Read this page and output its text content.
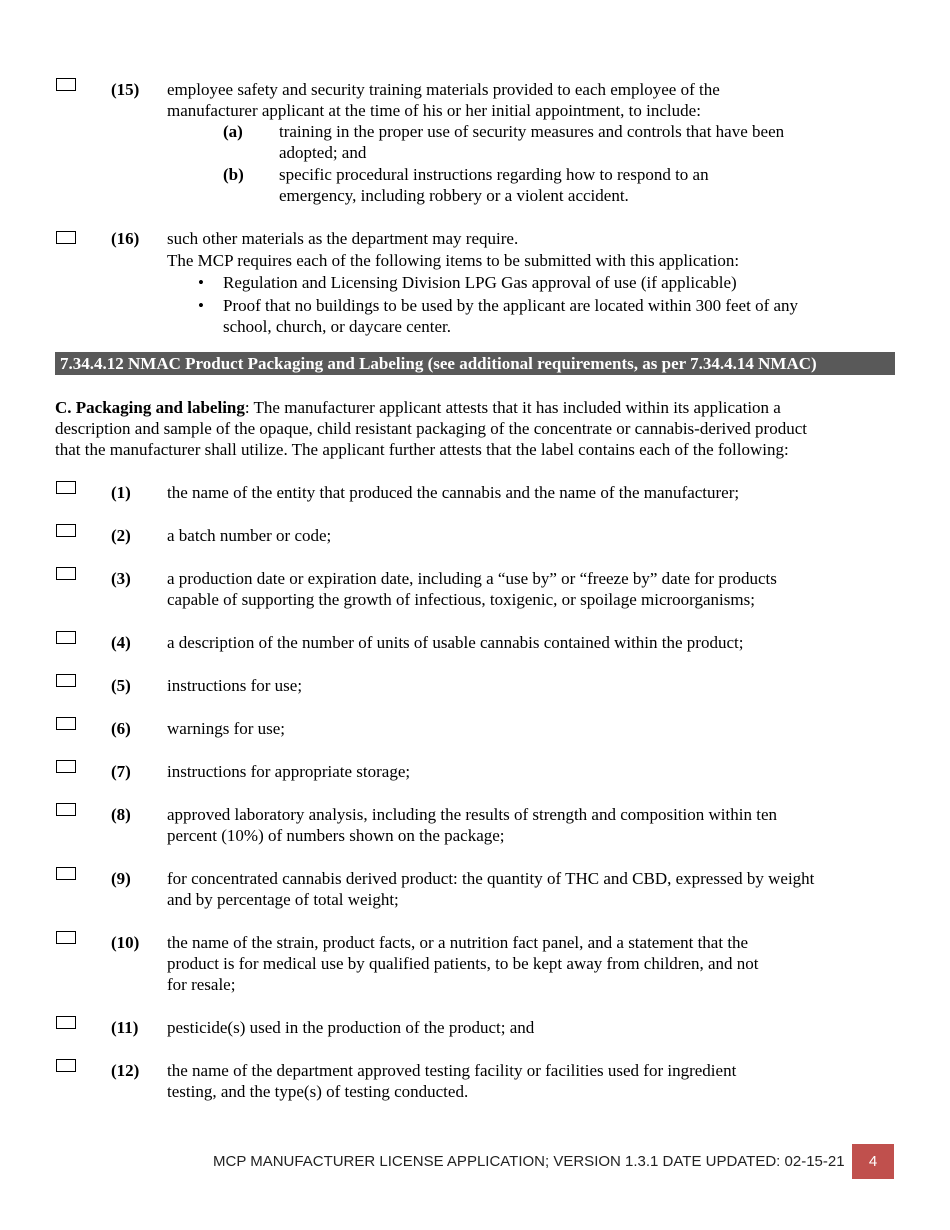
(15) employee safety and security training materials provided to each employee of the
manufacturer applicant at the time of his or her initial appointment, to include:
(a) training in the proper use of security measures and controls that have been
adopted; and
(b) specific procedural instructions regarding how to respond to an
emergency, including robbery or a violent accident.
(16) such other materials as the department may require.
The MCP requires each of the following items to be submitted with this application:
• Regulation and Licensing Division LPG Gas approval of use (if applicable)
• Proof that no buildings to be used by the applicant are located within 300 feet of any
school, church, or daycare center.
7.34.4.12 NMAC Product Packaging and Labeling (see additional requirements, as per 7.34.4.14 NMAC)
C. Packaging and labeling: The manufacturer applicant attests that it has included within its application a
description and sample of the opaque, child resistant packaging of the concentrate or cannabis-derived product
that the manufacturer shall utilize. The applicant further attests that the label contains each of the following:
(1) the name of the entity that produced the cannabis and the name of the manufacturer;
(2) a batch number or code;
(3) a production date or expiration date, including a “use by” or “freeze by” date for products
capable of supporting the growth of infectious, toxigenic, or spoilage microorganisms;
(4) a description of the number of units of usable cannabis contained within the product;
(5) instructions for use;
(6) warnings for use;
(7) instructions for appropriate storage;
(8) approved laboratory analysis, including the results of strength and composition within ten
percent (10%) of numbers shown on the package;
(9) for concentrated cannabis derived product: the quantity of THC and CBD, expressed by weight
and by percentage of total weight;
(10) the name of the strain, product facts, or a nutrition fact panel, and a statement that the
product is for medical use by qualified patients, to be kept away from children, and not
for resale;
(11) pesticide(s) used in the production of the product; and
(12) the name of the department approved testing facility or facilities used for ingredient
testing, and the type(s) of testing conducted.
MCP MANUFACTURER LICENSE APPLICATION; VERSION 1.3.1 DATE UPDATED: 02-15-21	4
